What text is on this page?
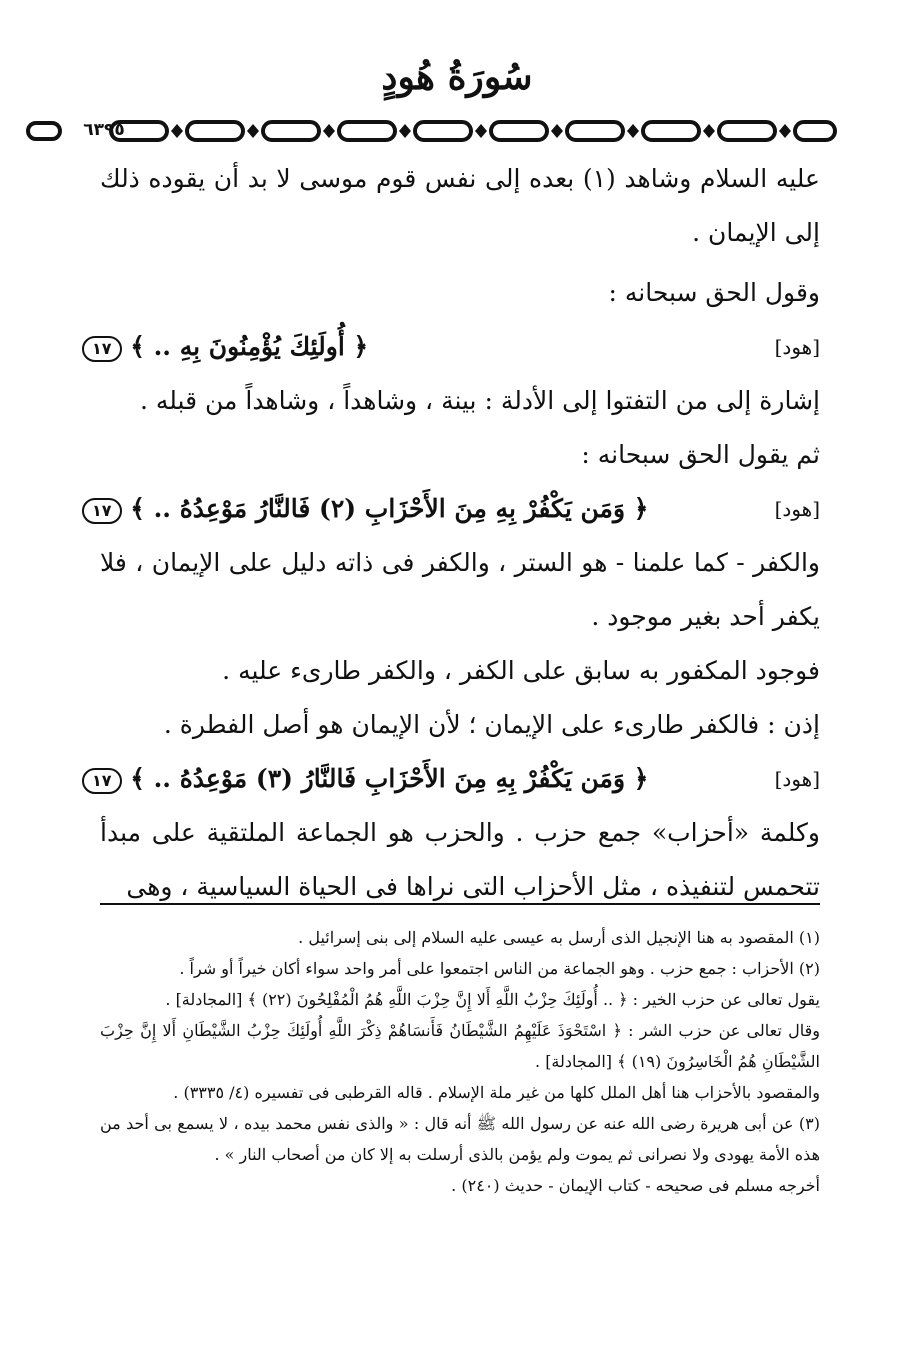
سُورَةُ هُودٍ
٦٣٩٥

عليه السلام وشاهد (١) بعده إلى نفس قوم موسى لا بد أن يقوده ذلك إلى الإيمان .

وقول الحق سبحانه :

﴿ أُولَئِكَ يُؤْمِنُونَ بِهِ .. ﴾ ١٧	[هود]

إشارة إلى من التفتوا إلى الأدلة : بينة ، وشاهداً ، وشاهداً من قبله .

ثم يقول الحق سبحانه :

﴿ وَمَن يَكْفُرْ بِهِ مِنَ الأَحْزَابِ (٢) فَالنَّارُ مَوْعِدُهُ .. ﴾ ١٧	[هود]

والكفر - كما علمنا - هو الستر ، والكفر فى ذاته دليل على الإيمان ، فلا يكفر أحد بغير موجود .

فوجود المكفور به سابق على الكفر ، والكفر طارىء عليه .

إذن : فالكفر طارىء على الإيمان ؛ لأن الإيمان هو أصل الفطرة .

﴿ وَمَن يَكْفُرْ بِهِ مِنَ الأَحْزَابِ فَالنَّارُ (٣) مَوْعِدُهُ .. ﴾ ١٧	[هود]

وكلمة «أحزاب» جمع حزب . والحزب هو الجماعة الملتقية على مبدأ تتحمس لتنفيذه ، مثل الأحزاب التى نراها فى الحياة السياسية ، وهى

(١) المقصود به هنا الإنجيل الذى أرسل به عيسى عليه السلام إلى بنى إسرائيل .

(٢) الأحزاب : جمع حزب . وهو الجماعة من الناس اجتمعوا على أمر واحد سواء أكان خيراً أو شراً .

يقول تعالى عن حزب الخير : ﴿ .. أُولَئِكَ حِزْبُ اللَّهِ أَلا إِنَّ حِزْبَ اللَّهِ هُمُ الْمُفْلِحُونَ (٢٢) ﴾ [المجادلة] .

وقال تعالى عن حزب الشر : ﴿ اسْتَحْوَذَ عَلَيْهِمُ الشَّيْطَانُ فَأَنسَاهُمْ ذِكْرَ اللَّهِ أُولَئِكَ حِزْبُ الشَّيْطَانِ أَلا إِنَّ حِزْبَ الشَّيْطَانِ هُمُ الْخَاسِرُونَ (١٩) ﴾ [المجادلة] .

والمقصود بالأحزاب هنا أهل الملل كلها من غير ملة الإسلام . قاله القرطبى فى تفسيره (٤/ ٣٣٣٥) .

(٣) عن أبى هريرة رضى الله عنه عن رسول الله ﷺ أنه قال : « والذى نفس محمد بيده ، لا يسمع بى أحد من هذه الأمة يهودى ولا نصرانى ثم يموت ولم يؤمن بالذى أرسلت به إلا كان من أصحاب النار » .

أخرجه مسلم فى صحيحه - كتاب الإيمان - حديث (٢٤٠) .
